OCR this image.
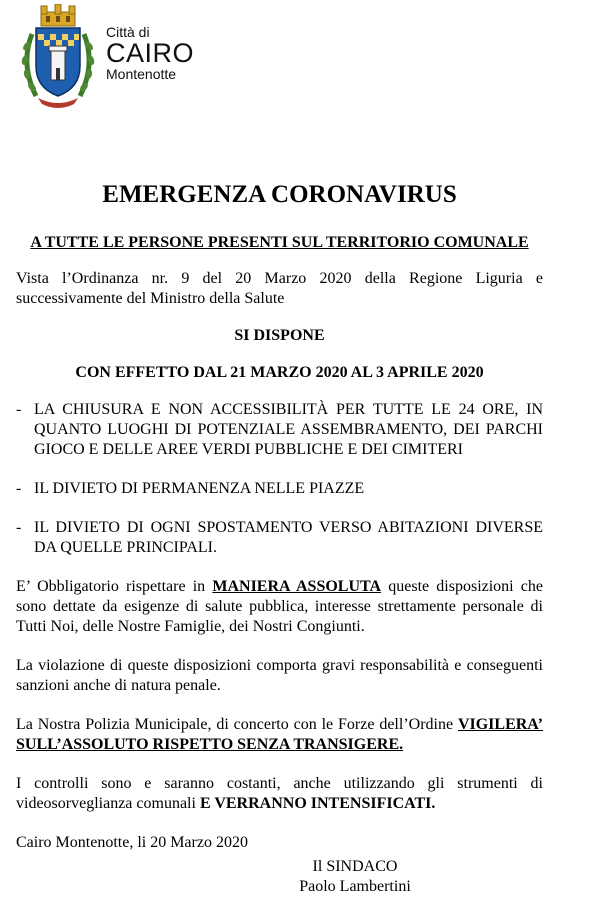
Città di
CAIRO
Montenotte
EMERGENZA CORONAVIRUS
A TUTTE LE PERSONE PRESENTI SUL TERRITORIO COMUNALE

Vista l’Ordinanza nr. 9 del 20 Marzo 2020 della Regione Liguria e successivamente del Ministro della Salute

SI DISPONE
CON EFFETTO DAL 21 MARZO 2020 AL 3 APRILE 2020
- LA CHIUSURA E NON ACCESSIBILITÀ PER TUTTE LE 24 ORE, IN QUANTO LUOGHI DI POTENZIALE ASSEMBRAMENTO, DEI PARCHI GIOCO E DELLE AREE VERDI PUBBLICHE E DEI CIMITERI
- IL DIVIETO DI PERMANENZA NELLE PIAZZE
- IL DIVIETO DI OGNI SPOSTAMENTO VERSO ABITAZIONI DIVERSE DA QUELLE PRINCIPALI.

E’ Obbligatorio rispettare in MANIERA ASSOLUTA queste disposizioni che sono dettate da esigenze di salute pubblica, interesse strettamente personale di Tutti Noi, delle Nostre Famiglie, dei Nostri Congiunti.

La violazione di queste disposizioni comporta gravi responsabilità e conseguenti sanzioni anche di natura penale.

La Nostra Polizia Municipale, di concerto con le Forze dell’Ordine VIGILERA’ SULL’ASSOLUTO RISPETTO SENZA TRANSIGERE.

I controlli sono e saranno costanti, anche utilizzando gli strumenti di videosorveglianza comunali E VERRANNO INTENSIFICATI.

Cairo Montenotte, li 20 Marzo 2020

Il SINDACO
Paolo Lambertini
